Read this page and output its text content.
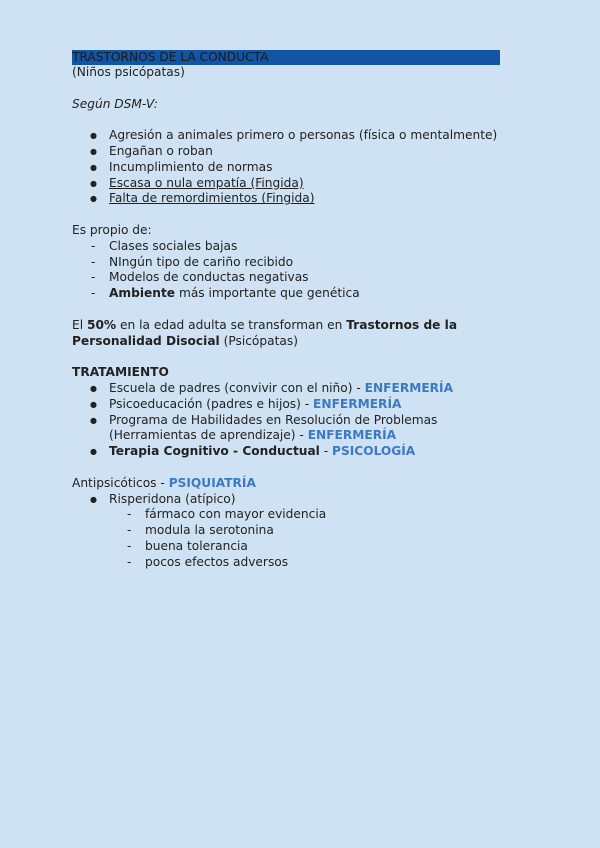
TRASTORNOS DE LA CONDUCTA
(Niños psicópatas)
Según DSM-V:
● Agresión a animales primero o personas (física o mentalmente)
● Engañan o roban
● Incumplimiento de normas
● Escasa o nula empatía (Fingida)
● Falta de remordimientos (Fingida)
Es propio de:
- Clases sociales bajas
- NIngún tipo de cariño recibido
- Modelos de conductas negativas
- Ambiente más importante que genética
El 50% en la edad adulta se transforman en Trastornos de la
Personalidad Disocial (Psicópatas)
TRATAMIENTO
● Escuela de padres (convivir con el niño) - ENFERMERÍA
● Psicoeducación (padres e hijos) - ENFERMERÍA
● Programa de Habilidades en Resolución de Problemas
(Herramientas de aprendizaje) - ENFERMERÍA
● Terapia Cognitivo - Conductual - PSICOLOGÍA
Antipsicóticos - PSIQUIATRÍA
● Risperidona (atípico)
- fármaco con mayor evidencia
- modula la serotonina
- buena tolerancia
- pocos efectos adversos
